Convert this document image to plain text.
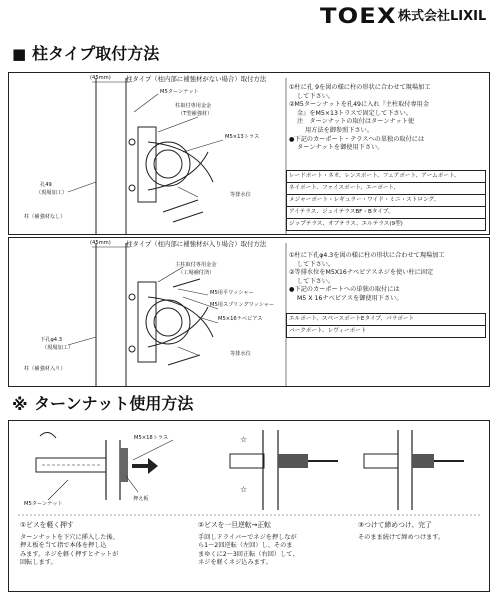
TOEX 株式会社LIXIL
■ 柱タイプ取付方法
(45mm) 柱タイプ（柱内部に補強材がない場合）取付方法
M5ターンナット
柱取付専用金金
（T型補強材）
M5×13トラス
孔49
（現場加工）
柱（補強材なし）
等排水位
①柱に孔 9を図の様に柱の形状に合わせて現場加工
して下さい。
②M5ターンナットを孔49に入れ『主柱取付専用金
金』をM5×13トラスで固定して下さい。
注　ターンナットの取付はターンナット使
用方法を御参照下さい。
●下記のカーポート・テラスへの単独の取付には
ターンナットを御使用下さい。
レードポート・ネオ、レンスポート、フェアポート、アームポート、
ネイポート、ファイスポート、エーポート、
メジャーポート・レギュラー・ワイド・ミニ・ストロング、
アイテラス、ジェイテラスBF・Bタイプ、
ジップテラス、オブテラス、エルテラス(9型)
(45mm) 柱タイプ（柱内部に補強材が入り場合）取付方法
主柱取付専用金金
（工場補付済）
M5用平ワッシャー
M5用スプリングワッシャー
M5×16ナベビアス
下孔φ4.3
（現場加工）
柱（補強材入り）
等排水位
①柱に下孔φ4.3を図の様に柱の形状に合わせて現場加工
して下さい。
②等排水位をM5X16ナベビアスネジを使い柱に固定
して下さい。
●下記のカーポートへの単独の取付には
M5 X 16ナベビアスを御使用下さい。
エルポート、スペースポートEタイプ、パラポート
パークポート、レヴィーポート
※ ターンナット使用方法
☆
☆
M5×18トラス
M5ターンナット
押え板
①ビスを軽く押す
ターンナットを下穴に挿入した後、
押え板を当て指で本体を押し込
みます。ネジを軽く押すとナットが
回転します。
②ビスを一旦逆転→正転
手回しドライバーでネジを押しなが
ら1～2回逆転（左回）し、そのま
まゆくに2～3回正転（右回）して、
ネジを軽くネジ込みます。
③つけて締めつけ、完了
そのまま続けて締めつけます。
